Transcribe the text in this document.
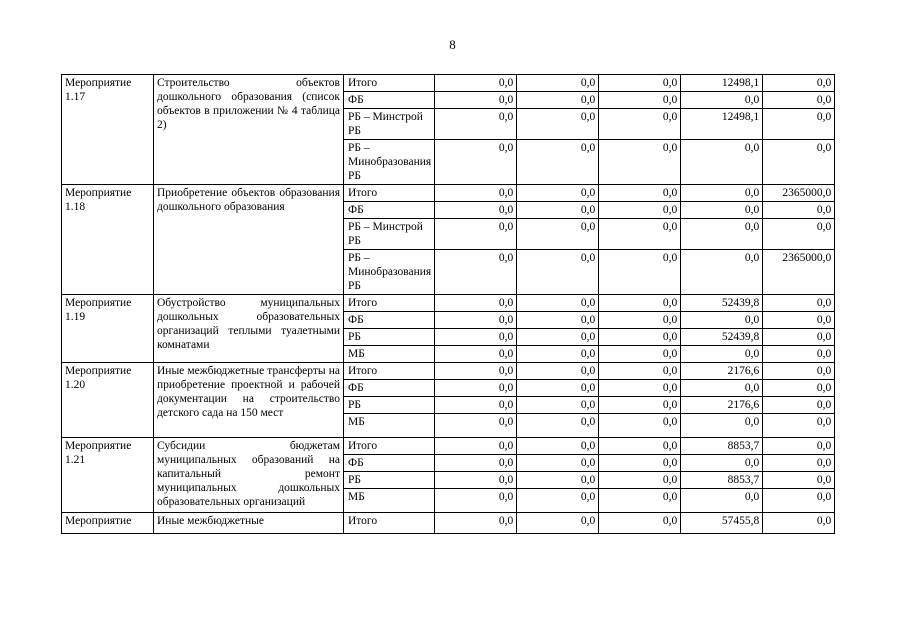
8
Мероприятие 1.17	Строительство объектов дошкольного образования (список объектов в приложении № 4 таблица 2)	Итого	0,0	0,0	0,0	12498,1	0,0
		ФБ	0,0	0,0	0,0	0,0	0,0
		РБ – Минстрой РБ	0,0	0,0	0,0	12498,1	0,0
		РБ – Минобразования РБ	0,0	0,0	0,0	0,0	0,0
Мероприятие 1.18	Приобретение объектов образования дошкольного образования	Итого	0,0	0,0	0,0	0,0	2365000,0
		ФБ	0,0	0,0	0,0	0,0	0,0
		РБ – Минстрой РБ	0,0	0,0	0,0	0,0	0,0
		РБ – Минобразования РБ	0,0	0,0	0,0	0,0	2365000,0
Мероприятие 1.19	Обустройство муниципальных дошкольных образовательных организаций теплыми туалетными комнатами	Итого	0,0	0,0	0,0	52439,8	0,0
		ФБ	0,0	0,0	0,0	0,0	0,0
		РБ	0,0	0,0	0,0	52439,8	0,0
		МБ	0,0	0,0	0,0	0,0	0,0
Мероприятие 1.20	Иные межбюджетные трансферты на приобретение проектной и рабочей документации на строительство детского сада на 150 мест	Итого	0,0	0,0	0,0	2176,6	0,0
		ФБ	0,0	0,0	0,0	0,0	0,0
		РБ	0,0	0,0	0,0	2176,6	0,0
		МБ	0,0	0,0	0,0	0,0	0,0
Мероприятие 1.21	Субсидии бюджетам муниципальных образований на капитальный ремонт муниципальных дошкольных образовательных организаций	Итого	0,0	0,0	0,0	8853,7	0,0
		ФБ	0,0	0,0	0,0	0,0	0,0
		РБ	0,0	0,0	0,0	8853,7	0,0
		МБ	0,0	0,0	0,0	0,0	0,0
Мероприятие	Иные межбюджетные	Итого	0,0	0,0	0,0	57455,8	0,0
